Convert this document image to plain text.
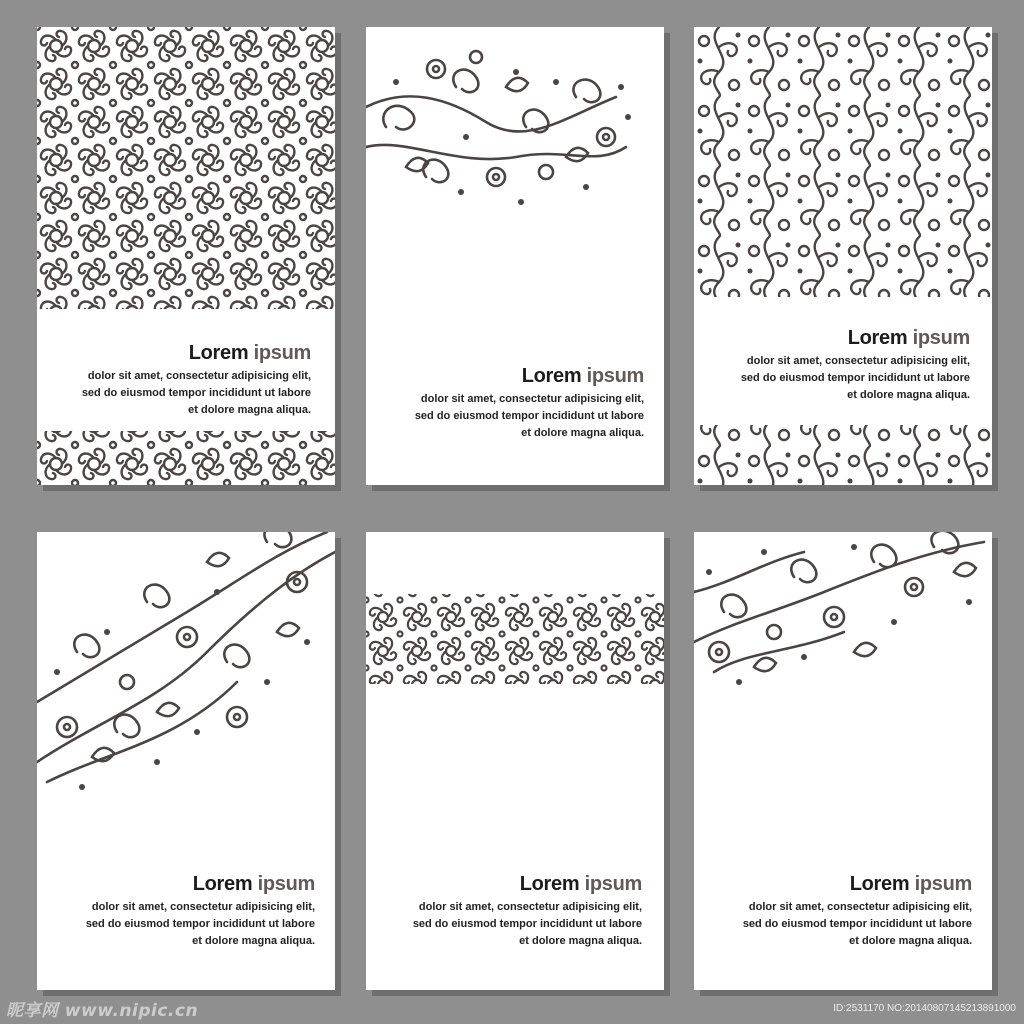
Lorem ipsum
dolor sit amet, consectetur adipisicing elit,
sed do eiusmod tempor incididunt ut labore
et dolore magna aliqua.
Lorem ipsum
dolor sit amet, consectetur adipisicing elit,
sed do eiusmod tempor incididunt ut labore
et dolore magna aliqua.
Lorem ipsum
dolor sit amet, consectetur adipisicing elit,
sed do eiusmod tempor incididunt ut labore
et dolore magna aliqua.
Lorem ipsum
dolor sit amet, consectetur adipisicing elit,
sed do eiusmod tempor incididunt ut labore
et dolore magna aliqua.
Lorem ipsum
dolor sit amet, consectetur adipisicing elit,
sed do eiusmod tempor incididunt ut labore
et dolore magna aliqua.
Lorem ipsum
dolor sit amet, consectetur adipisicing elit,
sed do eiusmod tempor incididunt ut labore
et dolore magna aliqua.
昵享网 www.nipic.cn	ID:2531170 NO:20140807145213891000
